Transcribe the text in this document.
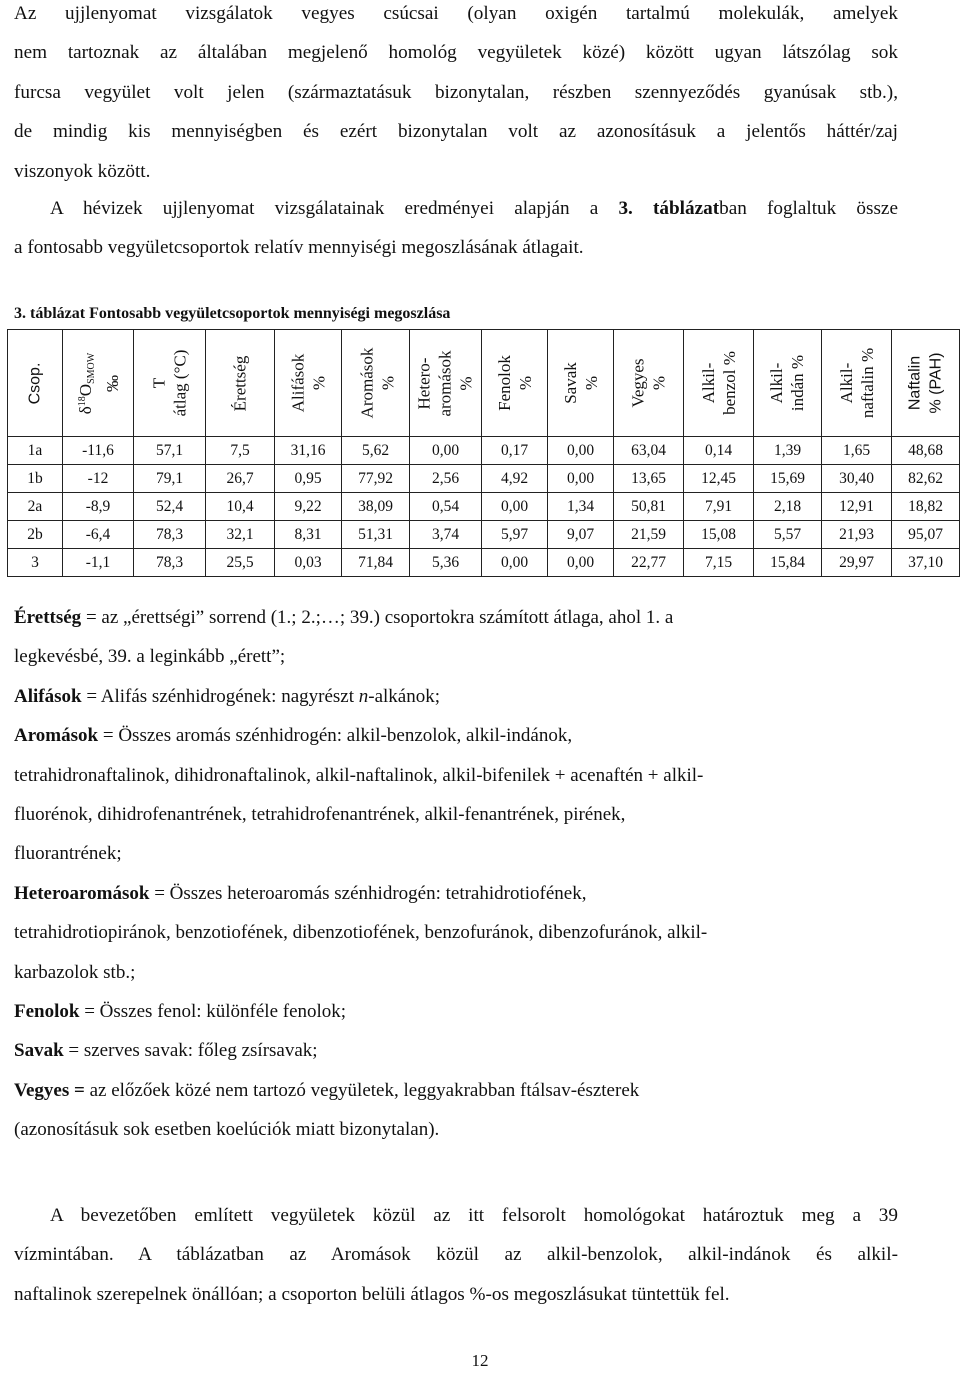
Az ujjlenyomat vizsgálatok vegyes csúcsai (olyan oxigén tartalmú molekulák, amelyek
nem tartoznak az általában megjelenő homológ vegyületek közé) között ugyan látszólag sok
furcsa vegyület volt jelen (származtatásuk bizonytalan, részben szennyeződés gyanúsak stb.),
de mindig kis mennyiségben és ezért bizonytalan volt az azonosításuk a jelentős háttér/zaj
viszonyok között.
A hévizek ujjlenyomat vizsgálatainak eredményei alapján a 3. táblázatban foglaltuk össze
a fontosabb vegyületcsoportok relatív mennyiségi megoszlásának átlagait.
3. táblázat Fontosabb vegyületcsoportok mennyiségi megoszlása
Csop.	$\delta^{18}O_{SMOW}$ ‰	T átlag (°C)	Érettség	Alifások %	Aromások %	Hetero- aromások %	Fenolok %	Savak %	Vegyes %	Alkil- benzol %	Alkil- indán %	Alkil- naftalin %	Naftalin % (PAH)

1a	-11,6	57,1	7,5	31,16	5,62	0,00	0,17	0,00	63,04	0,14	1,39	1,65	48,68
1b	-12	79,1	26,7	0,95	77,92	2,56	4,92	0,00	13,65	12,45	15,69	30,40	82,62
2a	-8,9	52,4	10,4	9,22	38,09	0,54	0,00	1,34	50,81	7,91	2,18	12,91	18,82
2b	-6,4	78,3	32,1	8,31	51,31	3,74	5,97	9,07	21,59	15,08	5,57	21,93	95,07
3	-1,1	78,3	25,5	0,03	71,84	5,36	0,00	0,00	22,77	7,15	15,84	29,97	37,10
Érettség = az „érettségi” sorrend (1.; 2.;…; 39.) csoportokra számított átlaga, ahol 1. a
legkevésbé, 39. a leginkább „érett”;
Alifások = Alifás szénhidrogének: nagyrészt n-alkánok;
Aromások = Összes aromás szénhidrogén: alkil-benzolok, alkil-indánok,
tetrahidronaftalinok, dihidronaftalinok, alkil-naftalinok, alkil-bifenilek + acenaftén + alkil-
fluorénok, dihidrofenantrének, tetrahidrofenantrének, alkil-fenantrének, pirének,
fluorantrének;
Heteroaromások = Összes heteroaromás szénhidrogén: tetrahidrotiofének,
tetrahidrotiopiránok, benzotiofének, dibenzotiofének, benzofuránok, dibenzofuránok, alkil-
karbazolok stb.;
Fenolok = Összes fenol: különféle fenolok;
Savak = szerves savak: főleg zsírsavak;
Vegyes = az előzőek közé nem tartozó vegyületek, leggyakrabban ftálsav-észterek
(azonosításuk sok esetben koelúciók miatt bizonytalan).
A bevezetőben említett vegyületek közül az itt felsorolt homológokat határoztuk meg a 39
vízmintában. A táblázatban az Aromások közül az alkil-benzolok, alkil-indánok és alkil-
naftalinok szerepelnek önállóan; a csoporton belüli átlagos %-os megoszlásukat tüntettük fel.
12
